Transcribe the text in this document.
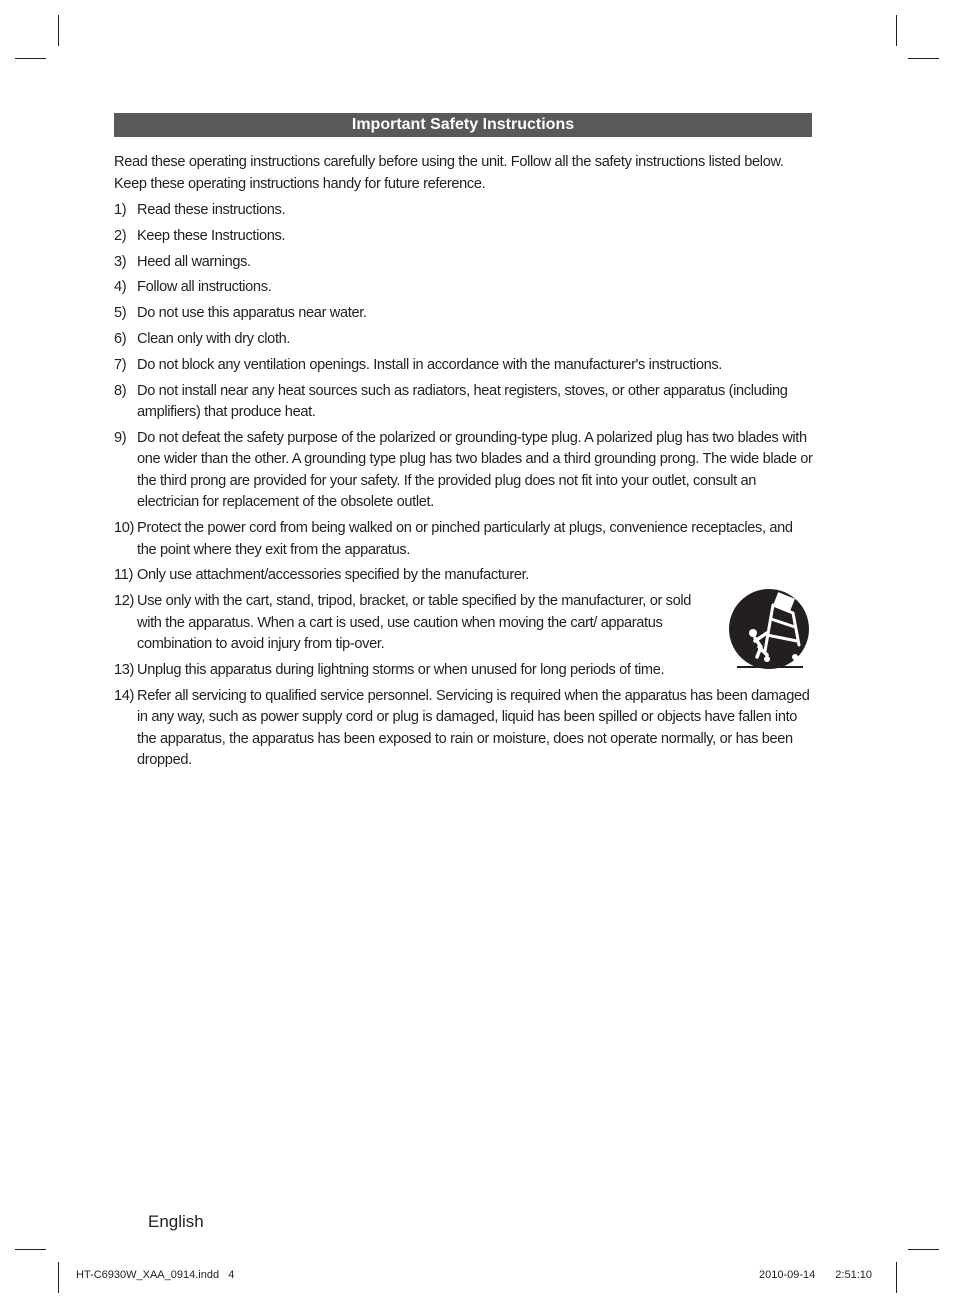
Important Safety Instructions

Read these operating instructions carefully before using the unit. Follow all the safety instructions listed below. Keep these operating instructions handy for future reference.

1) Read these instructions.
2) Keep these Instructions.
3) Heed all warnings.
4) Follow all instructions.
5) Do not use this apparatus near water.
6) Clean only with dry cloth.
7) Do not block any ventilation openings. Install in accordance with the manufacturer's instructions.
8) Do not install near any heat sources such as radiators, heat registers, stoves, or other apparatus (including amplifiers) that produce heat.
9) Do not defeat the safety purpose of the polarized or grounding-type plug. A polarized plug has two blades with one wider than the other. A grounding type plug has two blades and a third grounding prong. The wide blade or the third prong are provided for your safety. If the provided plug does not fit into your outlet, consult an electrician for replacement of the obsolete outlet.
10) Protect the power cord from being walked on or pinched particularly at plugs, convenience receptacles, and the point where they exit from the apparatus.
11) Only use attachment/accessories specified by the manufacturer.
12) Use only with the cart, stand, tripod, bracket, or table specified by the manufacturer, or sold with the apparatus. When a cart is used, use caution when moving the cart/ apparatus combination to avoid injury from tip-over.
13) Unplug this apparatus during lightning storms or when unused for long periods of time.
14) Refer all servicing to qualified service personnel. Servicing is required when the apparatus has been damaged in any way, such as power supply cord or plug is damaged, liquid has been spilled or objects have fallen into the apparatus, the apparatus has been exposed to rain or moisture, does not operate normally, or has been dropped.
English
HT-C6930W_XAA_0914.indd 4	2010-09-14 2:51:10
